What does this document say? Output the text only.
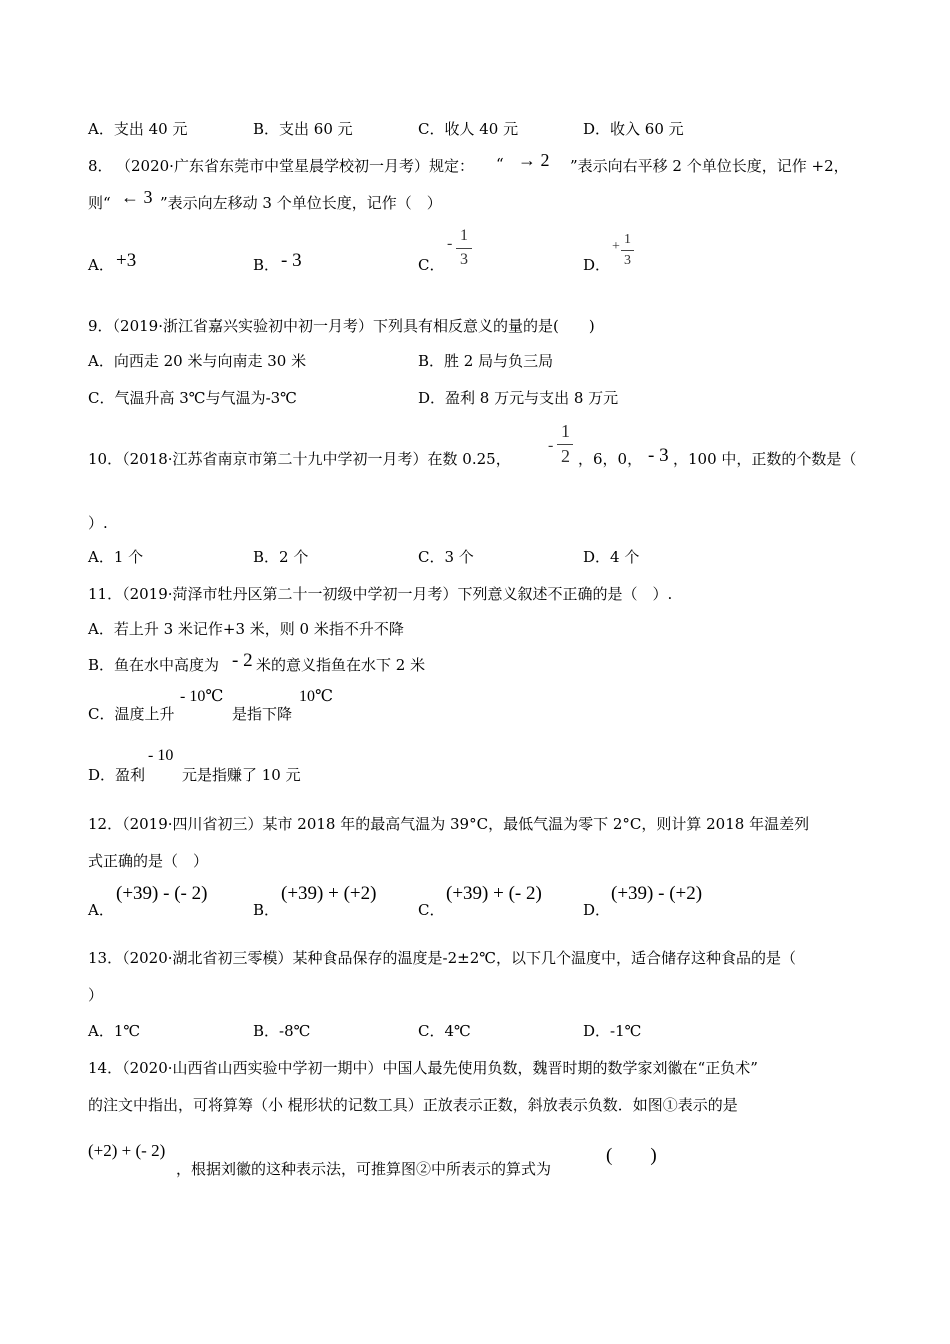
A．支出 40 元	B．支出 60 元	C．收人 40 元	D．收入 60 元
8． （2020·广东省东莞市中堂星晨学校初一月考）规定： “ → 2 ”表示向右平移 2 个单位长度，记作 +2，
则“ ← 3 ”表示向左移动 3 个单位长度，记作（　）
A． +3	B． - 3	C．
- 1
3	D．
+ 1
3
9．（2019·浙江省嘉兴实验初中初一月考）下列具有相反意义的量的是(　　)
A．向西走 20 米与向南走 30 米	B．胜 2 局与负三局
C．气温升高 3℃与气温为-3℃	D．盈利 8 万元与支出 8 万元
10．（2018·江苏省南京市第二十九中学初一月考）在数 0.25，
-
1
2 ，6，0， - 3 ，100 中，正数的个数是（
）.
A．1 个	B．2 个	C．3 个	D．4 个
11．（2019·菏泽市牡丹区第二十一初级中学初一月考）下列意义叙述不正确的是（　）.
A．若上升 3 米记作+3 米，则 0 米指不升不降
B．鱼在水中高度为 - 2 米的意义指鱼在水下 2 米
C．温度上升
- 10℃
是指下降
10℃
D．盈利
- 10
元是指赚了 10 元
12．（2019·四川省初三）某市 2018 年的最高气温为 39°C，最低气温为零下 2°C，则计算 2018 年温差列
式正确的是（　）
A．
(+39) - (- 2)
B．
(+39) + (+2)
C．
(+39) + (- 2)
D．
(+39) - (+2)
13．（2020·湖北省初三零模）某种食品保存的温度是-2±2℃，以下几个温度中，适合储存这种食品的是（
）
A．1℃	B．-8℃	C．4℃	D．-1℃
14．（2020·山西省山西实验中学初一期中）中国人最先使用负数，魏晋时期的数学家刘徽在“正负术”
的注文中指出，可将算筹（小 棍形状的记数工具）正放表示正数，斜放表示负数．如图①表示的是
(+2) + (- 2)
，根据刘徽的这种表示法，可推算图②中所表示的算式为
(　　)
